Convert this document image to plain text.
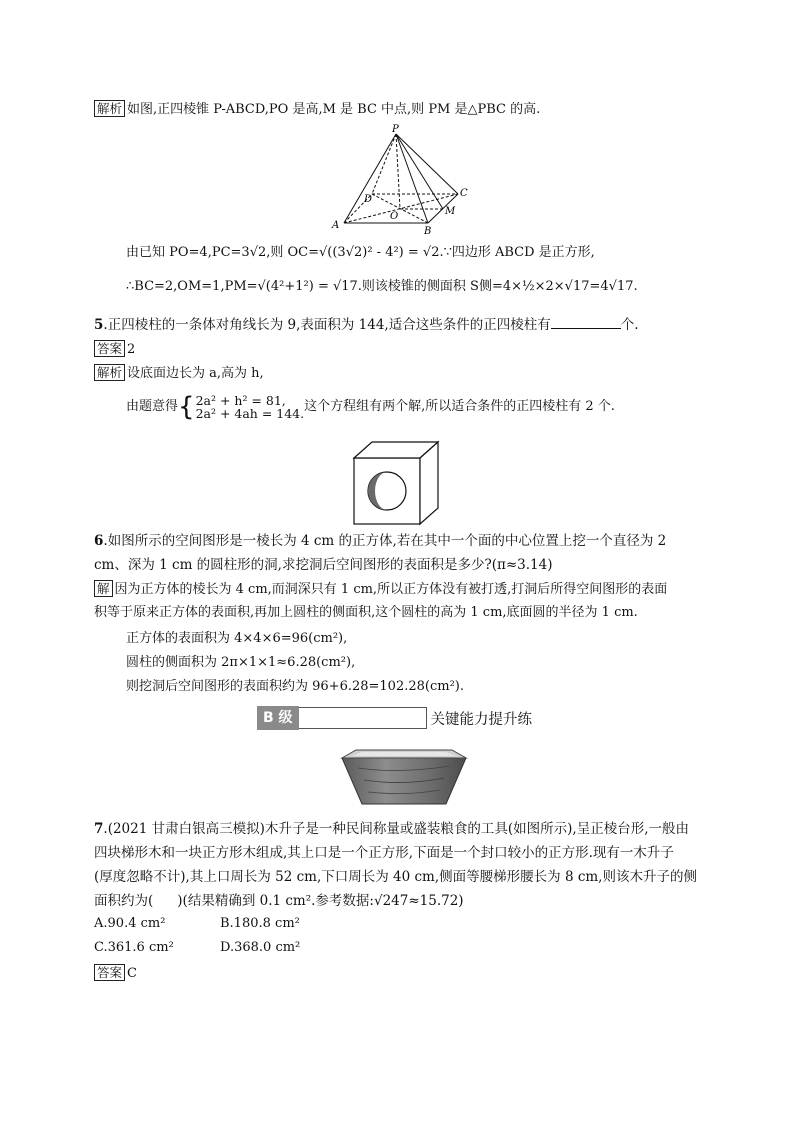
解析 如图,正四棱锥 P-ABCD,PO 是高,M 是 BC 中点,则 PM 是△PBC 的高.
P
A
B
C
D
O	M
由已知 PO=4,PC=3√2,则 OC=√((3√2)² - 4²) = √2.∵四边形 ABCD 是正方形,
∴BC=2,OM=1,PM=√(4²+1²) = √17.则该棱锥的侧面积 S侧=4×½×2×√17=4√17.
5.正四棱柱的一条体对角线长为 9,表面积为 144,适合这些条件的正四棱柱有	个.
答案 2
解析 设底面边长为 a,高为 h,
由题意得 { 2a² + h² = 81,
2a² + 4ah = 144. 这个方程组有两个解,所以适合条件的正四棱柱有 2 个.
6.如图所示的空间图形是一棱长为 4 cm 的正方体,若在其中一个面的中心位置上挖一个直径为 2
cm、深为 1 cm 的圆柱形的洞,求挖洞后空间图形的表面积是多少?(π≈3.14)
解 因为正方体的棱长为 4 cm,而洞深只有 1 cm,所以正方体没有被打透,打洞后所得空间图形的表面
积等于原来正方体的表面积,再加上圆柱的侧面积,这个圆柱的高为 1 cm,底面圆的半径为 1 cm.
正方体的表面积为 4×4×6=96(cm²),
圆柱的侧面积为 2π×1×1≈6.28(cm²),
则挖洞后空间图形的表面积约为 96+6.28=102.28(cm²).
B 级	关键能力提升练
7.(2021 甘肃白银高三模拟)木升子是一种民间称量或盛装粮食的工具(如图所示),呈正棱台形,一般由
四块梯形木和一块正方形木组成,其上口是一个正方形,下面是一个封口较小的正方形.现有一木升子
(厚度忽略不计),其上口周长为 52 cm,下口周长为 40 cm,侧面等腰梯形腰长为 8 cm,则该木升子的侧
面积约为( )(结果精确到 0.1 cm².参考数据:√247≈15.72)
A.90.4 cm²	B.180.8 cm²
C.361.6 cm²	D.368.0 cm²
答案 C
